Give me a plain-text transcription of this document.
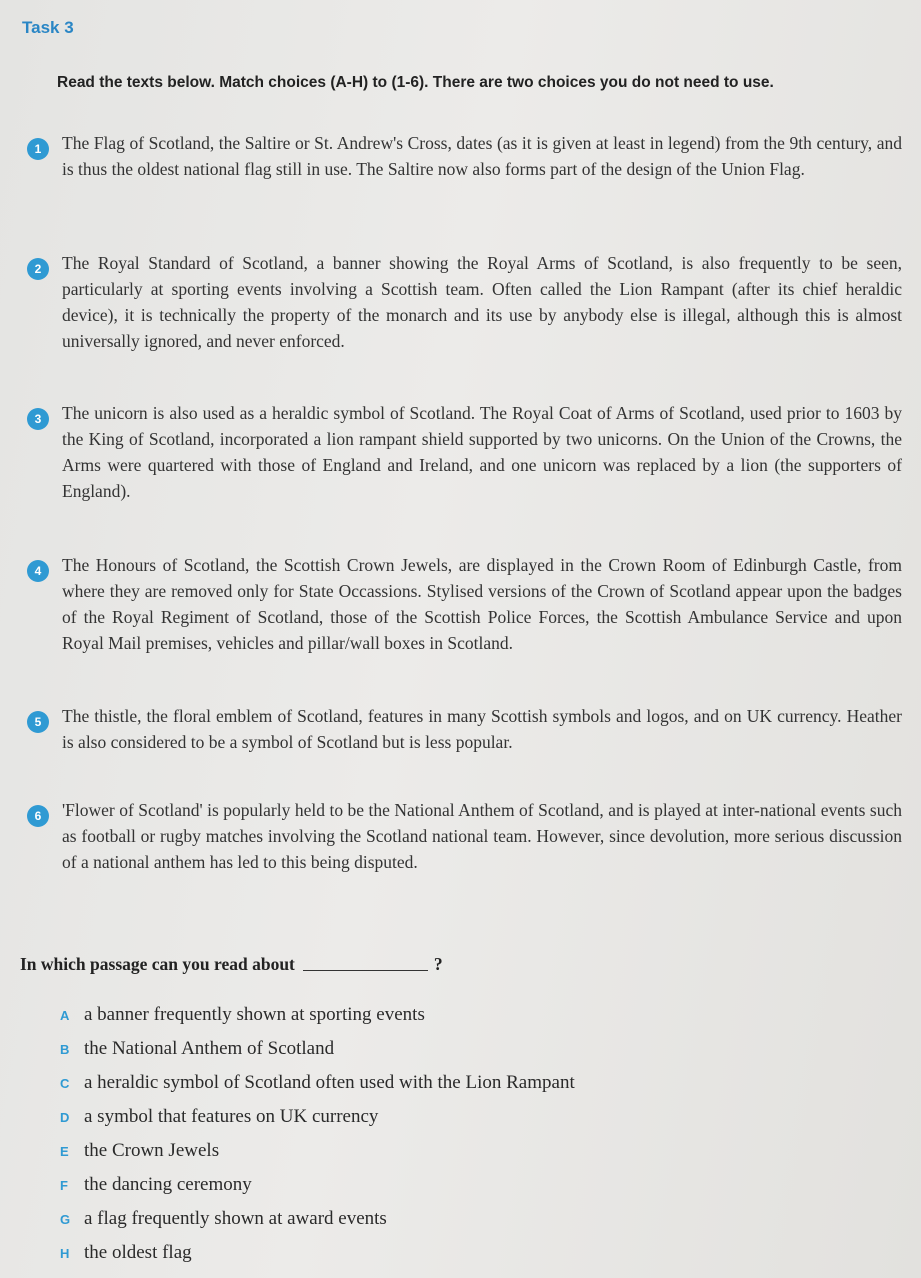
Task 3
Read the texts below. Match choices (A-H) to (1-6). There are two choices you do not need to use.
1	The Flag of Scotland, the Saltire or St. Andrew's Cross, dates (as it is given at least in legend) from the 9th century, and is thus the oldest national flag still in use. The Saltire now also forms part of the design of the Union Flag.
2	The Royal Standard of Scotland, a banner showing the Royal Arms of Scotland, is also frequently to be seen, particularly at sporting events involving a Scottish team. Often called the Lion Rampant (after its chief heraldic device), it is technically the property of the monarch and its use by anybody else is illegal, although this is almost universally ignored, and never enforced.
3	The unicorn is also used as a heraldic symbol of Scotland. The Royal Coat of Arms of Scotland, used prior to 1603 by the King of Scotland, incorporated a lion rampant shield supported by two unicorns. On the Union of the Crowns, the Arms were quartered with those of England and Ireland, and one unicorn was replaced by a lion (the supporters of England).
4	The Honours of Scotland, the Scottish Crown Jewels, are displayed in the Crown Room of Edinburgh Castle, from where they are removed only for State Occassions. Stylised versions of the Crown of Scotland appear upon the badges of the Royal Regiment of Scotland, those of the Scottish Police Forces, the Scottish Ambulance Service and upon Royal Mail premises, vehicles and pillar/wall boxes in Scotland.
5	The thistle, the floral emblem of Scotland, features in many Scottish symbols and logos, and on UK currency. Heather is also considered to be a symbol of Scotland but is less popular.
6	'Flower of Scotland' is popularly held to be the National Anthem of Scotland, and is played at inter-national events such as football or rugby matches involving the Scotland national team. However, since devolution, more serious discussion of a national anthem has led to this being disputed.
In which passage can you read about	?
A a banner frequently shown at sporting events
B the National Anthem of Scotland
C a heraldic symbol of Scotland often used with the Lion Rampant
D a symbol that features on UK currency
E the Crown Jewels
F the dancing ceremony
G a flag frequently shown at award events
H the oldest flag
